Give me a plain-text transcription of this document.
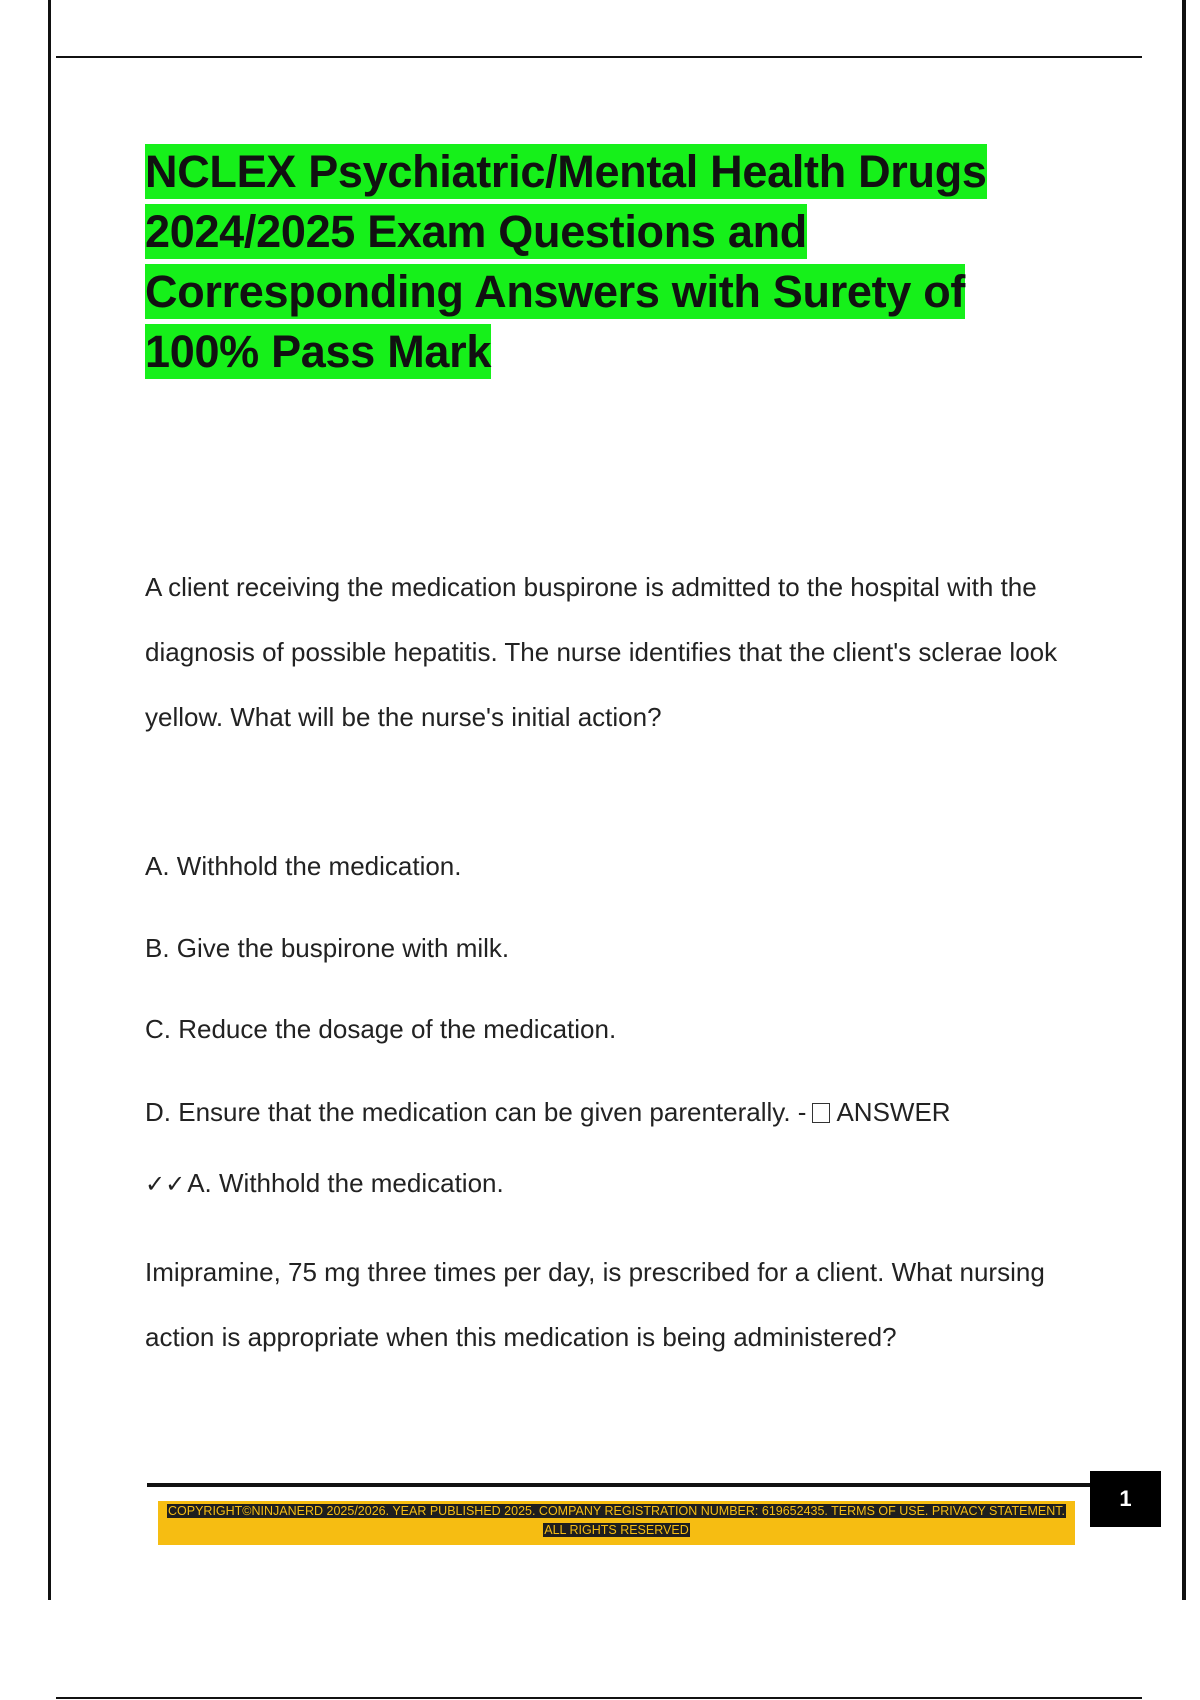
NCLEX Psychiatric/Mental Health Drugs 2024/2025 Exam Questions and Corresponding Answers with Surety of 100% Pass Mark

A client receiving the medication buspirone is admitted to the hospital with the diagnosis of possible hepatitis. The nurse identifies that the client's sclerae look yellow. What will be the nurse's initial action?

A. Withhold the medication.

B. Give the buspirone with milk.

C. Reduce the dosage of the medication.

D. Ensure that the medication can be given parenterally. - ANSWER

✓✓A. Withhold the medication.

Imipramine, 75 mg three times per day, is prescribed for a client. What nursing action is appropriate when this medication is being administered?

1
COPYRIGHT©NINJANERD 2025/2026. YEAR PUBLISHED 2025. COMPANY REGISTRATION NUMBER: 619652435. TERMS OF USE. PRIVACY STATEMENT. ALL RIGHTS RESERVED
